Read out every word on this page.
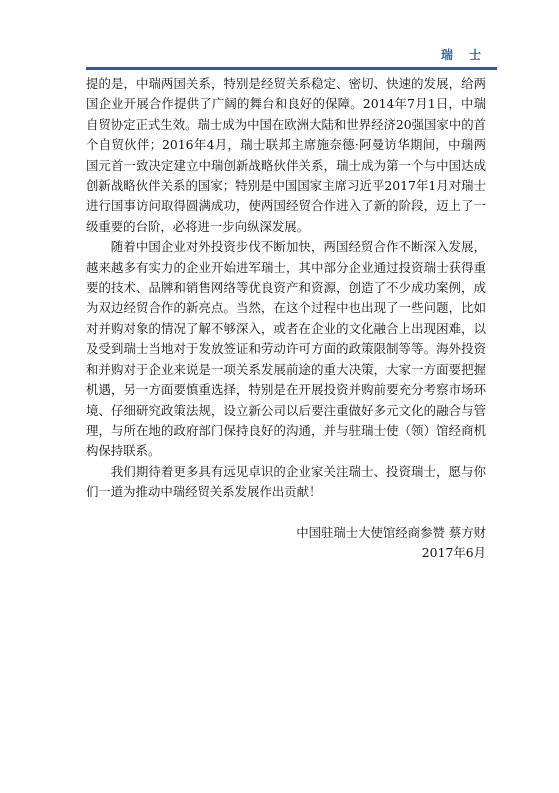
瑞 士

提的是，中瑞两国关系，特别是经贸关系稳定、密切、快速的发展，给两国企业开展合作提供了广阔的舞台和良好的保障。2014年7月1日，中瑞自贸协定正式生效。瑞士成为中国在欧洲大陆和世界经济20强国家中的首个自贸伙伴；2016年4月，瑞士联邦主席施奈德·阿曼访华期间，中瑞两国元首一致决定建立中瑞创新战略伙伴关系，瑞士成为第一个与中国达成创新战略伙伴关系的国家；特别是中国国家主席习近平2017年1月对瑞士进行国事访问取得圆满成功，使两国经贸合作进入了新的阶段，迈上了一级重要的台阶，必将进一步向纵深发展。

随着中国企业对外投资步伐不断加快，两国经贸合作不断深入发展，越来越多有实力的企业开始进军瑞士，其中部分企业通过投资瑞士获得重要的技术、品牌和销售网络等优良资产和资源，创造了不少成功案例，成为双边经贸合作的新亮点。当然，在这个过程中也出现了一些问题，比如对并购对象的情况了解不够深入，或者在企业的文化融合上出现困难，以及受到瑞士当地对于发放签证和劳动许可方面的政策限制等等。海外投资和并购对于企业来说是一项关系发展前途的重大决策，大家一方面要把握机遇，另一方面要慎重选择，特别是在开展投资并购前要充分考察市场环境、仔细研究政策法规，设立新公司以后要注重做好多元文化的融合与管理，与所在地的政府部门保持良好的沟通，并与驻瑞士使（领）馆经商机构保持联系。

我们期待着更多具有远见卓识的企业家关注瑞士、投资瑞士，愿与你们一道为推动中瑞经贸关系发展作出贡献！

中国驻瑞士大使馆经商参赞 蔡方财
2017年6月
